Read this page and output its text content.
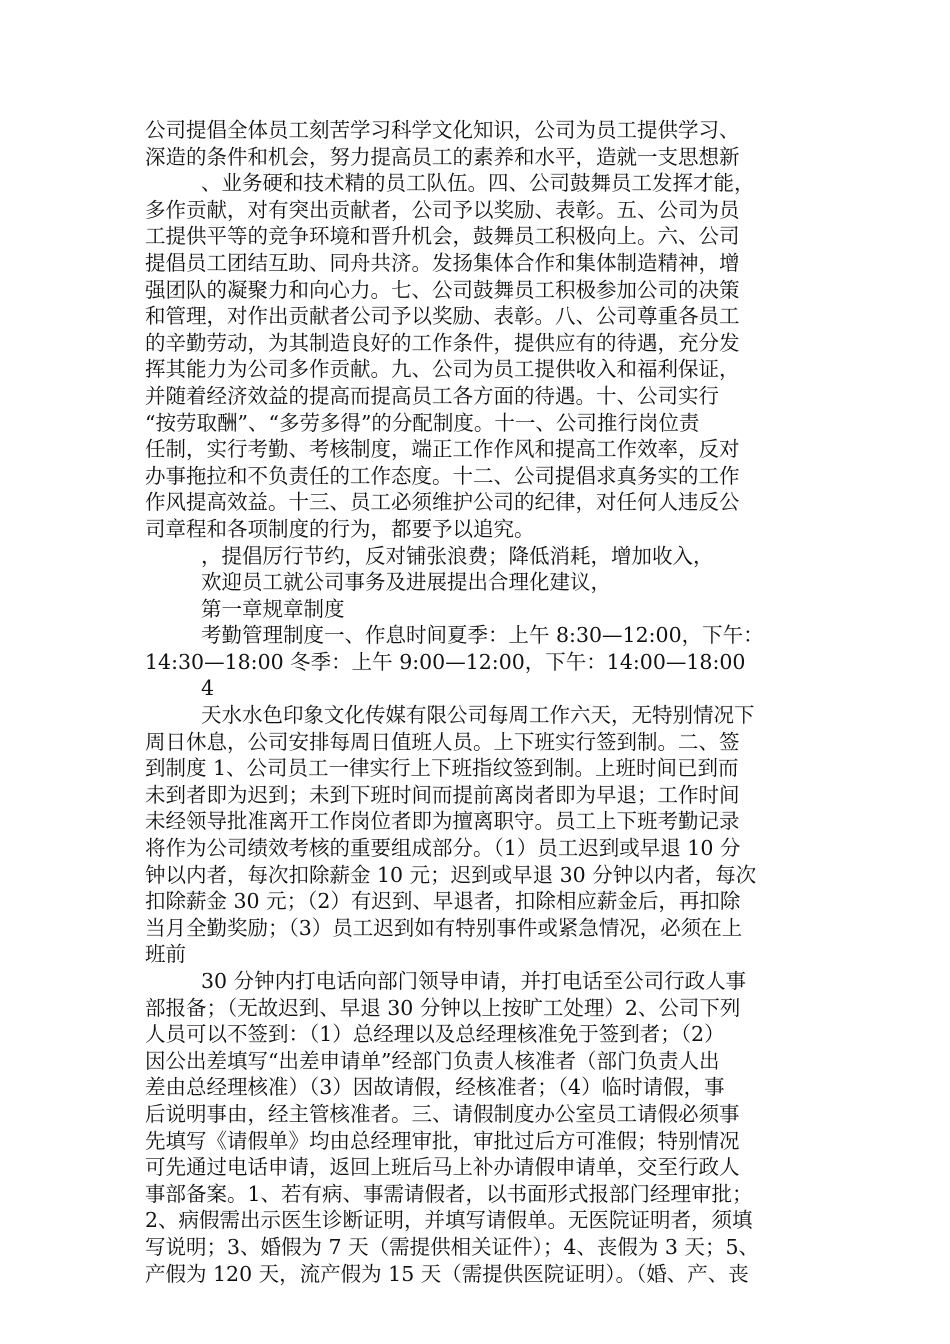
公司提倡全体员工刻苦学习科学文化知识，公司为员工提供学习、
深造的条件和机会，努力提高员工的素养和水平，造就一支思想新
、业务硬和技术精的员工队伍。四、公司鼓舞员工发挥才能，
多作贡献，对有突出贡献者，公司予以奖励、表彰。五、公司为员
工提供平等的竞争环境和晋升机会，鼓舞员工积极向上。六、公司
提倡员工团结互助、同舟共济。发扬集体合作和集体制造精神，增
强团队的凝聚力和向心力。七、公司鼓舞员工积极参加公司的决策
和管理，对作出贡献者公司予以奖励、表彰。八、公司尊重各员工
的辛勤劳动，为其制造良好的工作条件，提供应有的待遇，充分发
挥其能力为公司多作贡献。九、公司为员工提供收入和福利保证，
并随着经济效益的提高而提高员工各方面的待遇。十、公司实行
“按劳取酬”、“多劳多得”的分配制度。十一、公司推行岗位责
任制，实行考勤、考核制度，端正工作作风和提高工作效率，反对
办事拖拉和不负责任的工作态度。十二、公司提倡求真务实的工作
作风提高效益。十三、员工必须维护公司的纪律，对任何人违反公
司章程和各项制度的行为，都要予以追究。
，提倡厉行节约，反对铺张浪费；降低消耗，增加收入，
欢迎员工就公司事务及进展提出合理化建议，
第一章规章制度
考勤管理制度一、作息时间夏季：上午 8:30—12:00，下午：
14:30—18:00 冬季：上午 9:00—12:00，下午：14:00—18:00
4
天水水色印象文化传媒有限公司每周工作六天，无特别情况下
周日休息，公司安排每周日值班人员。上下班实行签到制。二、签
到制度 1、公司员工一律实行上下班指纹签到制。上班时间已到而
未到者即为迟到；未到下班时间而提前离岗者即为早退；工作时间
未经领导批准离开工作岗位者即为擅离职守。员工上下班考勤记录
将作为公司绩效考核的重要组成部分。（1）员工迟到或早退 10 分
钟以内者，每次扣除薪金 10 元；迟到或早退 30 分钟以内者，每次
扣除薪金 30 元；（2）有迟到、早退者，扣除相应薪金后，再扣除
当月全勤奖励；（3）员工迟到如有特别事件或紧急情况，必须在上
班前
30 分钟内打电话向部门领导申请，并打电话至公司行政人事
部报备；（无故迟到、早退 30 分钟以上按旷工处理）2、公司下列
人员可以不签到：（1）总经理以及总经理核准免于签到者；（2）
因公出差填写“出差申请单”经部门负责人核准者（部门负责人出
差由总经理核准）（3）因故请假，经核准者；（4）临时请假，事
后说明事由，经主管核准者。三、请假制度办公室员工请假必须事
先填写《请假单》均由总经理审批，审批过后方可准假；特别情况
可先通过电话申请，返回上班后马上补办请假申请单，交至行政人
事部备案。1、若有病、事需请假者，以书面形式报部门经理审批；
2、病假需出示医生诊断证明，并填写请假单。无医院证明者，须填
写说明；3、婚假为 7 天（需提供相关证件）；4、丧假为 3 天；5、
产假为 120 天，流产假为 15 天（需提供医院证明）。（婚、产、丧
